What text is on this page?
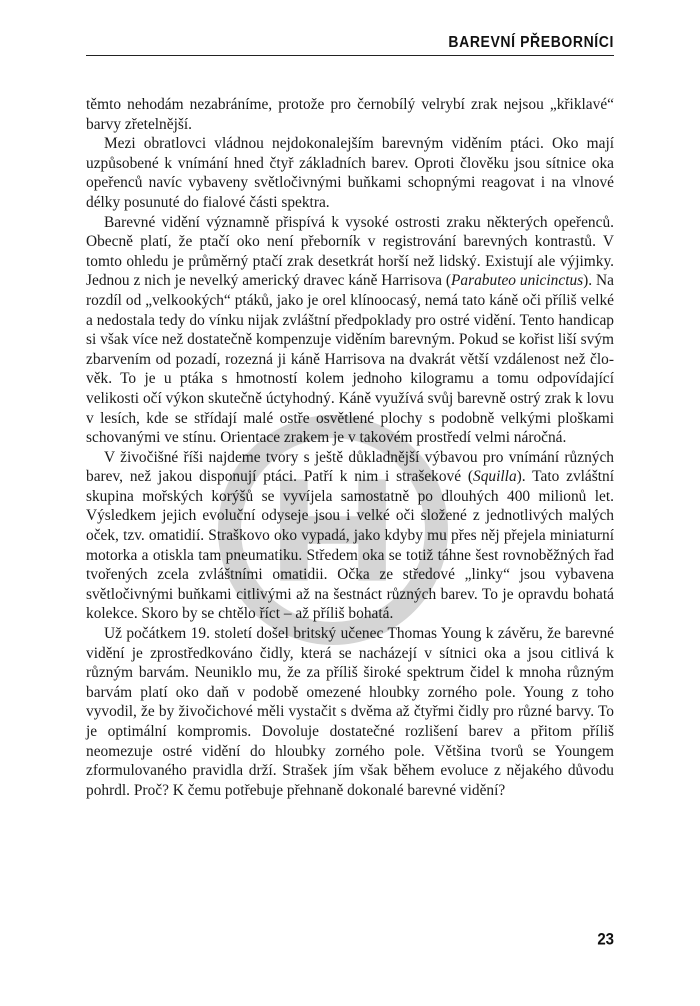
BAREVNÍ PŘEBORNÍCI

těmto nehodám nezabráníme, protože pro černobílý velrybí zrak nejsou „křiklavé“ barvy zřetelnější.

Mezi obratlovci vládnou nejdokonalejším barevným viděním ptáci. Oko mají uzpůsobené k vnímání hned čtyř základních barev. Oproti člověku jsou sítnice oka opeřenců navíc vybaveny světločivnými buňkami schopnými reagovat i na vlnové délky posunuté do fialové části spektra.

Barevné vidění významně přispívá k vysoké ostrosti zraku některých opeřenců. Obecně platí, že ptačí oko není přeborník v registrování barevných kontrastů. V tomto ohledu je průměrný ptačí zrak desetkrát horší než lidský. Existují ale výjimky. Jednou z nich je nevelký americký dravec káně Harrisova (Parabuteo unicinctus). Na rozdíl od „velkookých“ ptáků, jako je orel klínoocasý, nemá tato káně oči příliš velké a nedostala tedy do vínku nijak zvláštní předpoklady pro ostré vidění. Tento handicap si však více než dostatečně kompenzuje viděním barevným. Pokud se kořist liší svým zbarvením od pozadí, rozezná ji káně Harrisova na dvakrát větší vzdálenost než člověk. To je u ptáka s hmotností kolem jednoho kilogramu a tomu odpovídající velikosti očí výkon skutečně úctyhodný. Káně využívá svůj barevně ostrý zrak k lovu v lesích, kde se střídají malé ostře osvětlené plochy s podobně velkými ploškami schovanými ve stínu. Orientace zrakem je v takovém prostředí velmi náročná.

V živočišné říši najdeme tvory s ještě důkladnější výbavou pro vnímání různých barev, než jakou disponují ptáci. Patří k nim i strašekové (Squilla). Tato zvláštní skupina mořských korýšů se vyvíjela samostatně po dlouhých 400 milionů let. Výsledkem jejich evoluční odyseje jsou i velké oči složené z jednotlivých malých oček, tzv. omatidií. Straškovo oko vypadá, jako kdyby mu přes něj přejela miniaturní motorka a otiskla tam pneumatiku. Středem oka se totiž táhne šest rovnoběžných řad tvořených zcela zvláštními omatidii. Očka ze středové „linky“ jsou vybavena světločivnými buňkami citlivými až na šestnáct různých barev. To je opravdu bohatá kolekce. Skoro by se chtělo říct – až příliš bohatá.

Už počátkem 19. století došel britský učenec Thomas Young k závěru, že barevné vidění je zprostředkováno čidly, která se nacházejí v sítnici oka a jsou citlivá k různým barvám. Neuniklo mu, že za příliš široké spektrum čidel k mnoha různým barvám platí oko daň v podobě omezené hloubky zorného pole. Young z toho vyvodil, že by živočichové měli vystačit s dvěma až čtyřmi čidly pro různé barvy. To je optimální kompromis. Dovoluje dostatečné rozlišení barev a přitom příliš neomezuje ostré vidění do hloubky zorného pole. Většina tvorů se Youngem zformulovaného pravidla drží. Strašek jím však během evoluce z nějakého důvodu pohrdl. Proč? K čemu potřebuje přehnaně dokonalé barevné vidění?

23
